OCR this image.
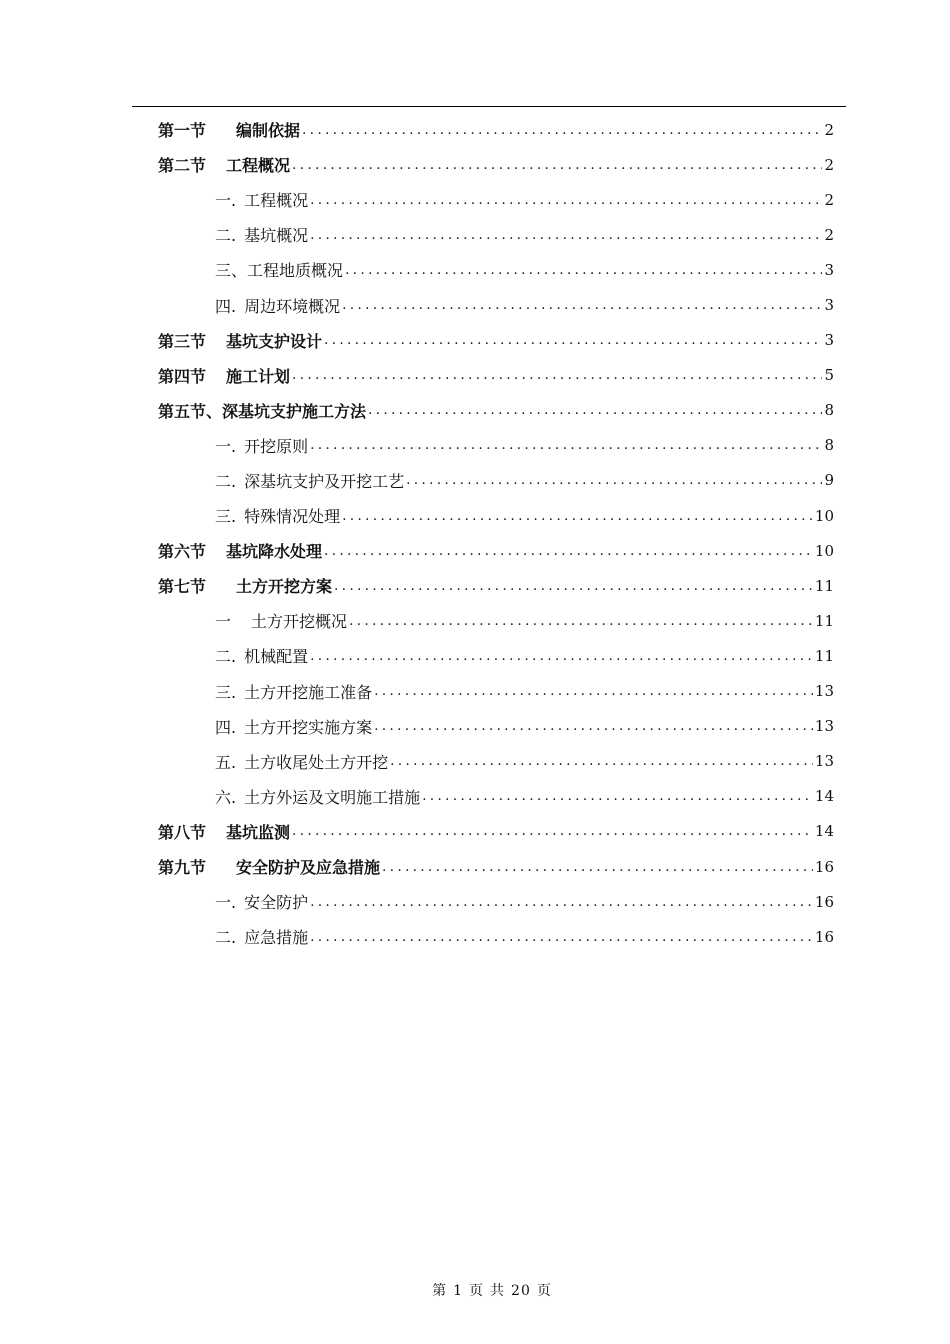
第一节 编制依据 .....	2
第二节 工程概况 .....	2
一. 工程概况 .....	2
二. 基坑概况 .....	2
三、 工程地质概况 .....	3
四. 周边环境概况 .....	3
第三节 基坑支护设计 .....	3
第四节 施工计划 .....	5
第五节、 深基坑支护施工方法 .....	8
一. 开挖原则 .....	8
二. 深基坑支护及开挖工艺 .....	9
三. 特殊情况处理 .....	10
第六节 基坑降水处理 .....	10
第七节 土方开挖方案 .....	11
一 土方开挖概况 .....	11
二. 机械配置 .....	11
三. 土方开挖施工准备 .....	13
四. 土方开挖实施方案 .....	13
五. 土方收尾处土方开挖 .....	13
六. 土方外运及文明施工措施 .....	14
第八节 基坑监测 .....	14
第九节 安全防护及应急措施 .....	16
一. 安全防护 .....	16
二. 应急措施 .....	16
第 1 页 共 20 页
